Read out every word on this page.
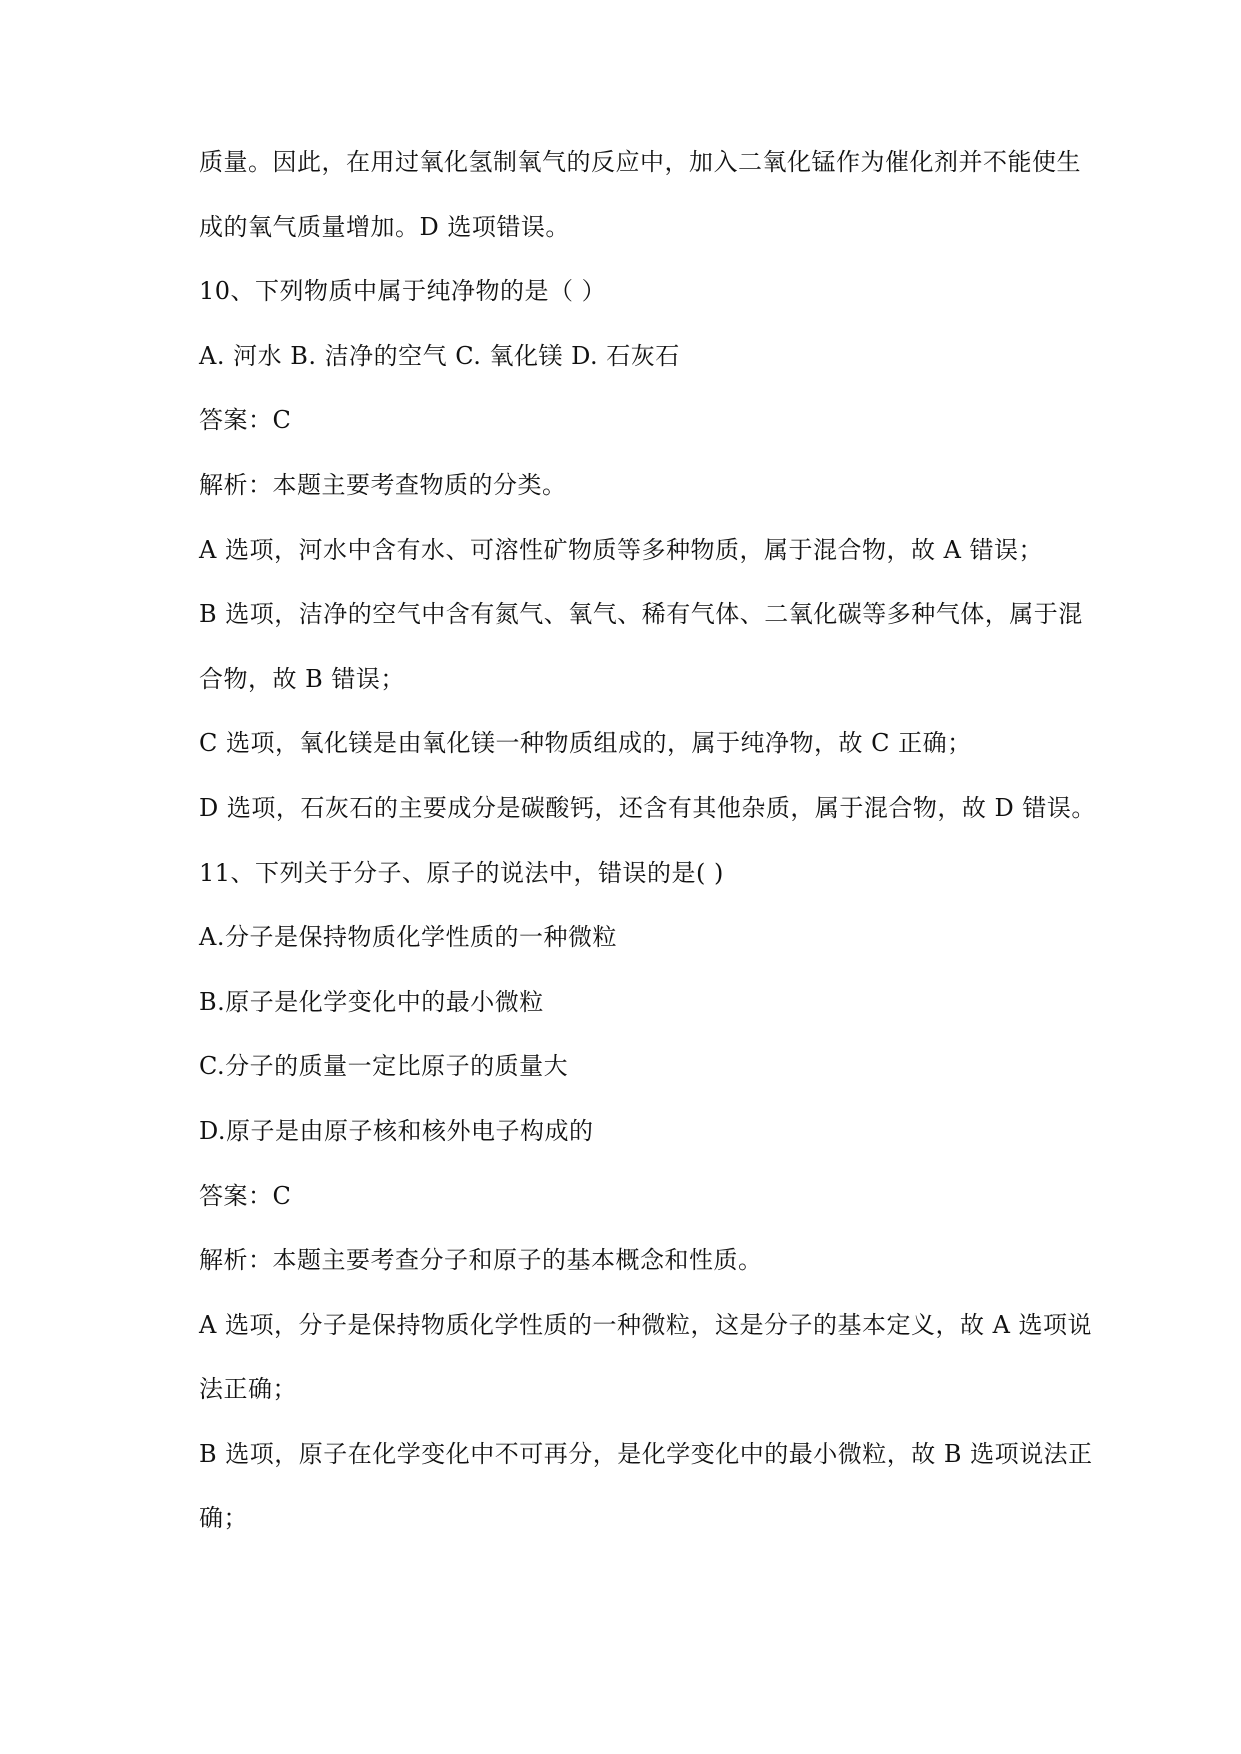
质量。因此，在用过氧化氢制氧气的反应中，加入二氧化锰作为催化剂并不能使生
成的氧气质量增加。D 选项错误。
10、下列物质中属于纯净物的是（ ）
A. 河水 B. 洁净的空气 C. 氧化镁 D. 石灰石
答案：C
解析：本题主要考查物质的分类。
A 选项，河水中含有水、可溶性矿物质等多种物质，属于混合物，故 A 错误；
B 选项，洁净的空气中含有氮气、氧气、稀有气体、二氧化碳等多种气体，属于混
合物，故 B 错误；
C 选项，氧化镁是由氧化镁一种物质组成的，属于纯净物，故 C 正确；
D 选项，石灰石的主要成分是碳酸钙，还含有其他杂质，属于混合物，故 D 错误。
11、下列关于分子、原子的说法中，错误的是( )
A.分子是保持物质化学性质的一种微粒
B.原子是化学变化中的最小微粒
C.分子的质量一定比原子的质量大
D.原子是由原子核和核外电子构成的
答案：C
解析：本题主要考查分子和原子的基本概念和性质。
A 选项，分子是保持物质化学性质的一种微粒，这是分子的基本定义，故 A 选项说
法正确；
B 选项，原子在化学变化中不可再分，是化学变化中的最小微粒，故 B 选项说法正
确；
